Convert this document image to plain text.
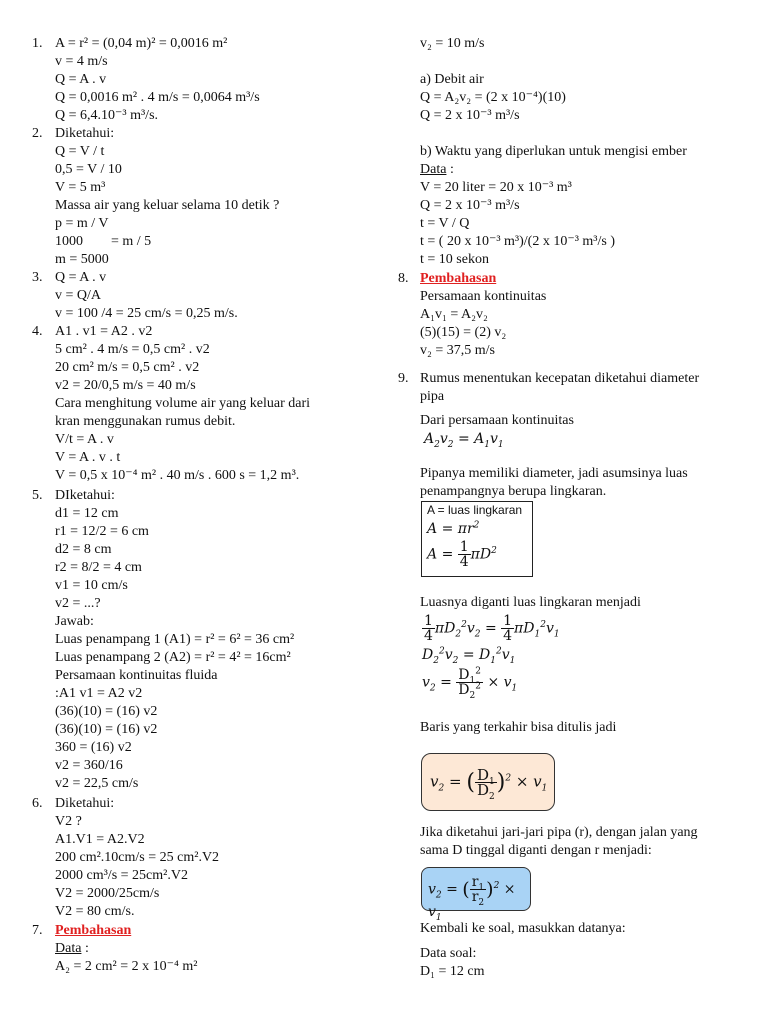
1. A = r² = (0,04 m)² = 0,0016 m²
v = 4 m/s
Q = A . v
Q = 0,0016 m² . 4 m/s = 0,0064 m³/s
Q = 6,4.10⁻³ m³/s.
2. Diketahui:
Q = V / t
0,5 = V / 10
V = 5 m³
Massa air yang keluar selama 10 detik ?
p = m / V
1000        = m / 5
m = 5000
3. Q = A . v
v = Q/A
v = 100 /4 = 25 cm/s = 0,25 m/s.
4. A1 . v1 = A2 . v2
5 cm² . 4 m/s = 0,5 cm² . v2
20 cm² m/s = 0,5 cm² . v2
v2 = 20/0,5 m/s = 40 m/s
Cara menghitung volume air yang keluar dari
kran menggunakan rumus debit.
V/t = A . v
V = A . v . t
V = 0,5 x 10⁻⁴ m² . 40 m/s . 600 s = 1,2 m³.
5. DIketahui:
d1 = 12 cm
r1 = 12/2 = 6 cm
d2 = 8 cm
r2 = 8/2 = 4 cm
v1 = 10 cm/s
v2 = ...?
Jawab:
Luas penampang 1 (A1) = r² = 6² = 36 cm²
Luas penampang 2 (A2) = r² = 4² = 16cm²
Persamaan kontinuitas fluida
:A1 v1 = A2 v2
(36)(10) = (16) v2
(36)(10) = (16) v2
360 = (16) v2
v2 = 360/16
v2 = 22,5 cm/s
6. Diketahui:
V2 ?
A1.V1 = A2.V2
200 cm².10cm/s = 25 cm².V2
2000 cm³/s = 25cm².V2
V2 = 2000/25cm/s
V2 = 80 cm/s.
7. Pembahasan
Data :
A₂ = 2 cm² = 2 x 10⁻⁴ m²
v₂ = 10 m/s
a) Debit air
Q = A₂v₂ = (2 x 10⁻⁴)(10)
Q = 2 x 10⁻³ m³/s
b) Waktu yang diperlukan untuk mengisi ember
Data :
V = 20 liter = 20 x 10⁻³ m³
Q = 2 x 10⁻³ m³/s
t = V / Q
t = ( 20 x 10⁻³ m³)/(2 x 10⁻³ m³/s )
t = 10 sekon
8. Pembahasan
Persamaan kontinuitas
A₁v₁ = A₂v₂
(5)(15) = (2) v₂
v₂ = 37,5 m/s
9. Rumus menentukan kecepatan diketahui diameter
pipa
Dari persamaan kontinuitas
$A_2v_2 = A_1v_1$
Pipanya memiliki diameter, jadi asumsinya luas
penampangnya berupa lingkaran.
A = luas lingkaran
$A = \pi r^2$
$A = \frac{1}{4} \pi D^2$
Luasnya diganti luas lingkaran menjadi
$\frac{1}{4} \pi D_2^2v_2 = \frac{1}{4} \pi D_1^2v_1$
$D_2^2v_2 = D_1^2v_1$
$v_2 = \frac{D_1^2}{D_2^2} \times v_1$
Baris yang terkahir bisa ditulis jadi
$v_2$ = ( $\frac{D_1}{D_2} )^2 \times v_1$
Jika diketahui jari-jari pipa (r), dengan jalan yang
sama D tinggal diganti dengan r menjadi:
$v_2$ = ( $\frac{r_1}{r_2} )^2 \times v_1$
Kembali ke soal, masukkan datanya:
Data soal:
D₁ = 12 cm
